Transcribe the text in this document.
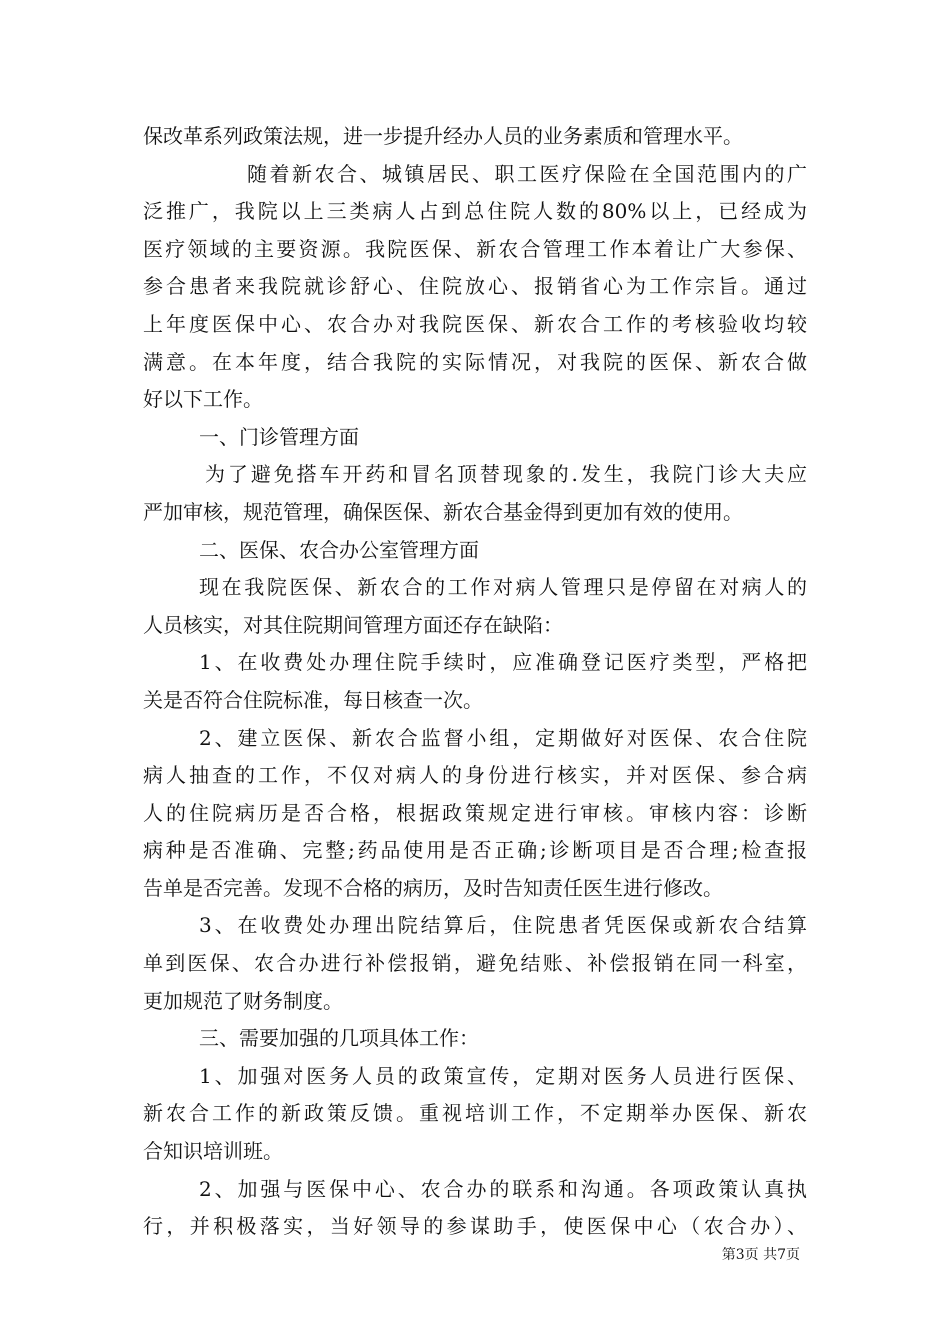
保改革系列政策法规，进一步提升经办人员的业务素质和管理水平。
随着新农合、城镇居民、职工医疗保险在全国范围内的广
泛推广，我院以上三类病人占到总住院人数的80%以上，已经成为
医疗领域的主要资源。我院医保、新农合管理工作本着让广大参保、
参合患者来我院就诊舒心、住院放心、报销省心为工作宗旨。通过
上年度医保中心、农合办对我院医保、新农合工作的考核验收均较
满意。在本年度，结合我院的实际情况，对我院的医保、新农合做
好以下工作。
一、门诊管理方面
为了避免搭车开药和冒名顶替现象的.发生，我院门诊大夫应
严加审核，规范管理，确保医保、新农合基金得到更加有效的使用。
二、医保、农合办公室管理方面
现在我院医保、新农合的工作对病人管理只是停留在对病人的
人员核实，对其住院期间管理方面还存在缺陷：
1、在收费处办理住院手续时，应准确登记医疗类型，严格把
关是否符合住院标准，每日核查一次。
2、建立医保、新农合监督小组，定期做好对医保、农合住院
病人抽查的工作，不仅对病人的身份进行核实，并对医保、参合病
人的住院病历是否合格，根据政策规定进行审核。审核内容：诊断
病种是否准确、完整;药品使用是否正确;诊断项目是否合理;检查报
告单是否完善。发现不合格的病历，及时告知责任医生进行修改。
3、在收费处办理出院结算后，住院患者凭医保或新农合结算
单到医保、农合办进行补偿报销，避免结账、补偿报销在同一科室，
更加规范了财务制度。
三、需要加强的几项具体工作：
1、加强对医务人员的政策宣传，定期对医务人员进行医保、
新农合工作的新政策反馈。重视培训工作，不定期举办医保、新农
合知识培训班。
2、加强与医保中心、农合办的联系和沟通。各项政策认真执
行，并积极落实，当好领导的参谋助手，使医保中心（农合办）、
第3页 共7页
